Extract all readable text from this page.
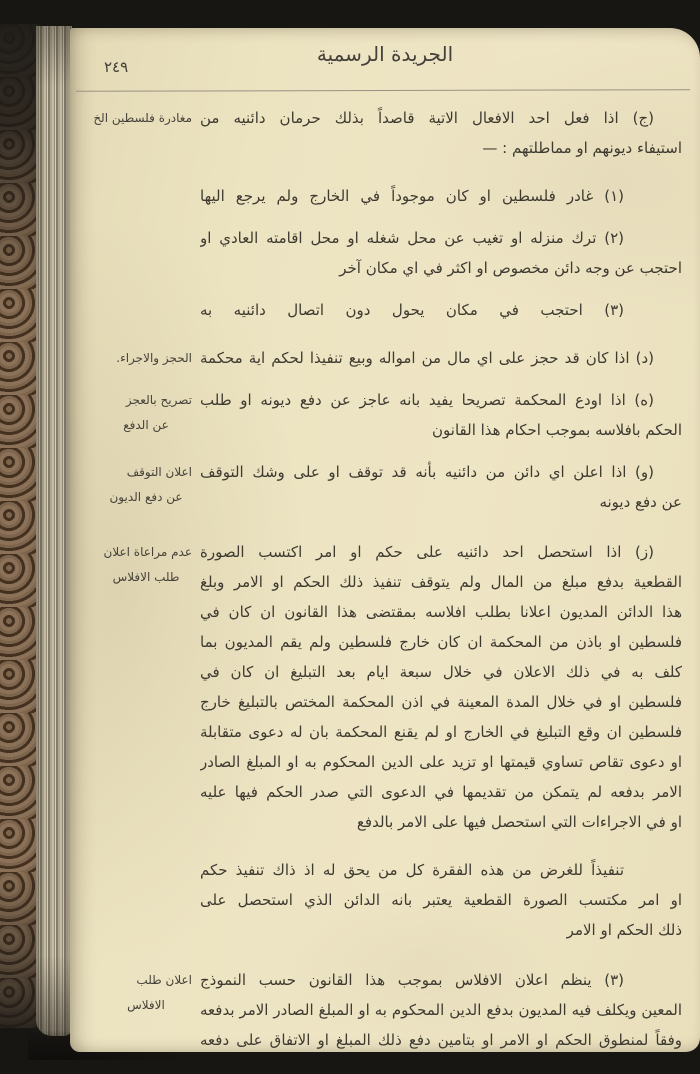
٢٤٩
الجريدة الرسمية
مغادرة فلسطين الخ (ج) اذا فعل احد الافعال الاتية قاصداً بذلك حرمان دائنيه من
استيفاء ديونهم او مماطلتهم : —
(١) غادر فلسطين او كان موجوداً في الخارج ولم يرجع اليها
(٢) ترك منزله او تغيب عن محل شغله او محل اقامته العادي او
احتجب عن وجه دائن مخصوص او اكثر في اي مكان آخر
(٣) احتجب في مكان يحول دون اتصال دائنيه به
الحجز والاجراء. (د) اذا كان قد حجز على اي مال من امواله وبيع تنفيذا لحكم اية محكمة
تصريح بالعجز
عن الدفع
(ه) اذا اودع المحكمة تصريحا يفيد بانه عاجز عن دفع ديونه او طلب
الحكم بافلاسه بموجب احكام هذا القانون
اعلان التوقف
عن دفع الديون
(و) اذا اعلن اي دائن من دائنيه بأنه قد توقف او على وشك التوقف
عن دفع ديونه
عدم مراعاة اعلان
طلب الافلاس
(ز) اذا استحصل احد دائنيه على حكم او امر اكتسب الصورة
القطعية بدفع مبلغ من المال ولم يتوقف تنفيذ ذلك الحكم او الامر وبلغ
هذا الدائن المديون اعلانا بطلب افلاسه بمقتضى هذا القانون ان كان في
فلسطين او باذن من المحكمة ان كان خارج فلسطين ولم يقم المديون بما
كلف به في ذلك الاعلان في خلال سبعة ايام بعد التبليغ ان كان في
فلسطين او في خلال المدة المعينة في اذن المحكمة المختص بالتبليغ خارج
فلسطين ان وقع التبليغ في الخارج او لم يقنع المحكمة بان له دعوى متقابلة
او دعوى تقاص تساوي قيمتها او تزيد على الدين المحكوم به او المبلغ الصادر
الامر بدفعه لم يتمكن من تقديمها في الدعوى التي صدر الحكم فيها عليه
او في الاجراءات التي استحصل فيها على الامر بالدفع
تنفيذاً للغرض من هذه الفقرة كل من يحق له اذ ذاك تنفيذ حكم
او امر مكتسب الصورة القطعية يعتبر بانه الدائن الذي استحصل على
ذلك الحكم او الامر
اعلان طلب
الافلاس
(٣) ينظم اعلان الافلاس بموجب هذا القانون حسب النموذج
المعين ويكلف فيه المديون بدفع الدين المحكوم به او المبلغ الصادر الامر بدفعه
وفقاً لمنطوق الحكم او الامر او بتامين دفع ذلك المبلغ او الاتفاق على دفعه
